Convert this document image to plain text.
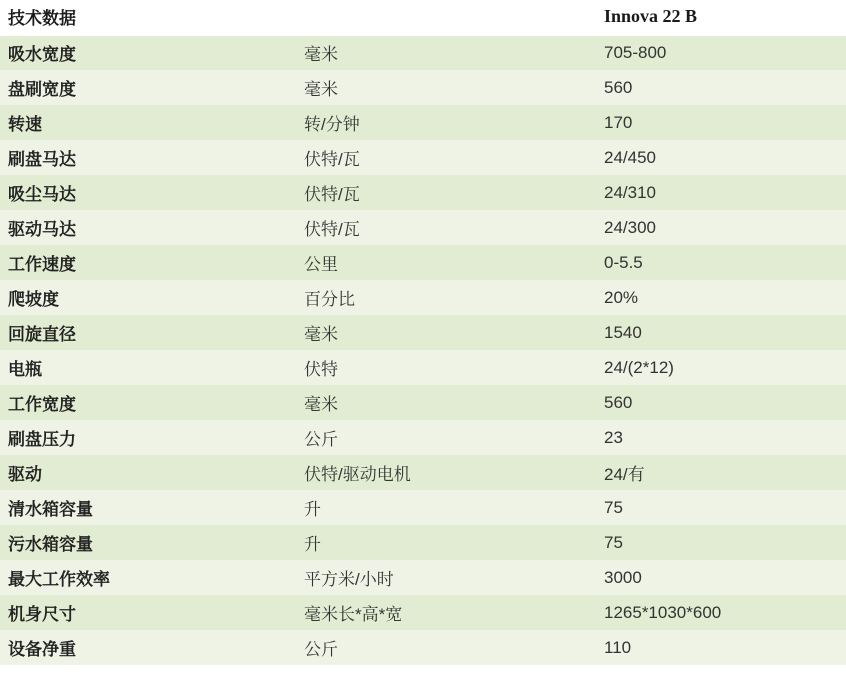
技术数据		Innova 22 B
吸水宽度	毫米	705-800
盘刷宽度	毫米	560
转速	转/分钟	170
刷盘马达	伏特/瓦	24/450
吸尘马达	伏特/瓦	24/310
驱动马达	伏特/瓦	24/300
工作速度	公里	0-5.5
爬坡度	百分比	20%
回旋直径	毫米	1540
电瓶	伏特	24/(2*12)
工作宽度	毫米	560
刷盘压力	公斤	23
驱动	伏特/驱动电机	24/有
清水箱容量	升	75
污水箱容量	升	75
最大工作效率	平方米/小时	3000
机身尺寸	毫米长*高*宽	1265*1030*600
设备净重	公斤	110
